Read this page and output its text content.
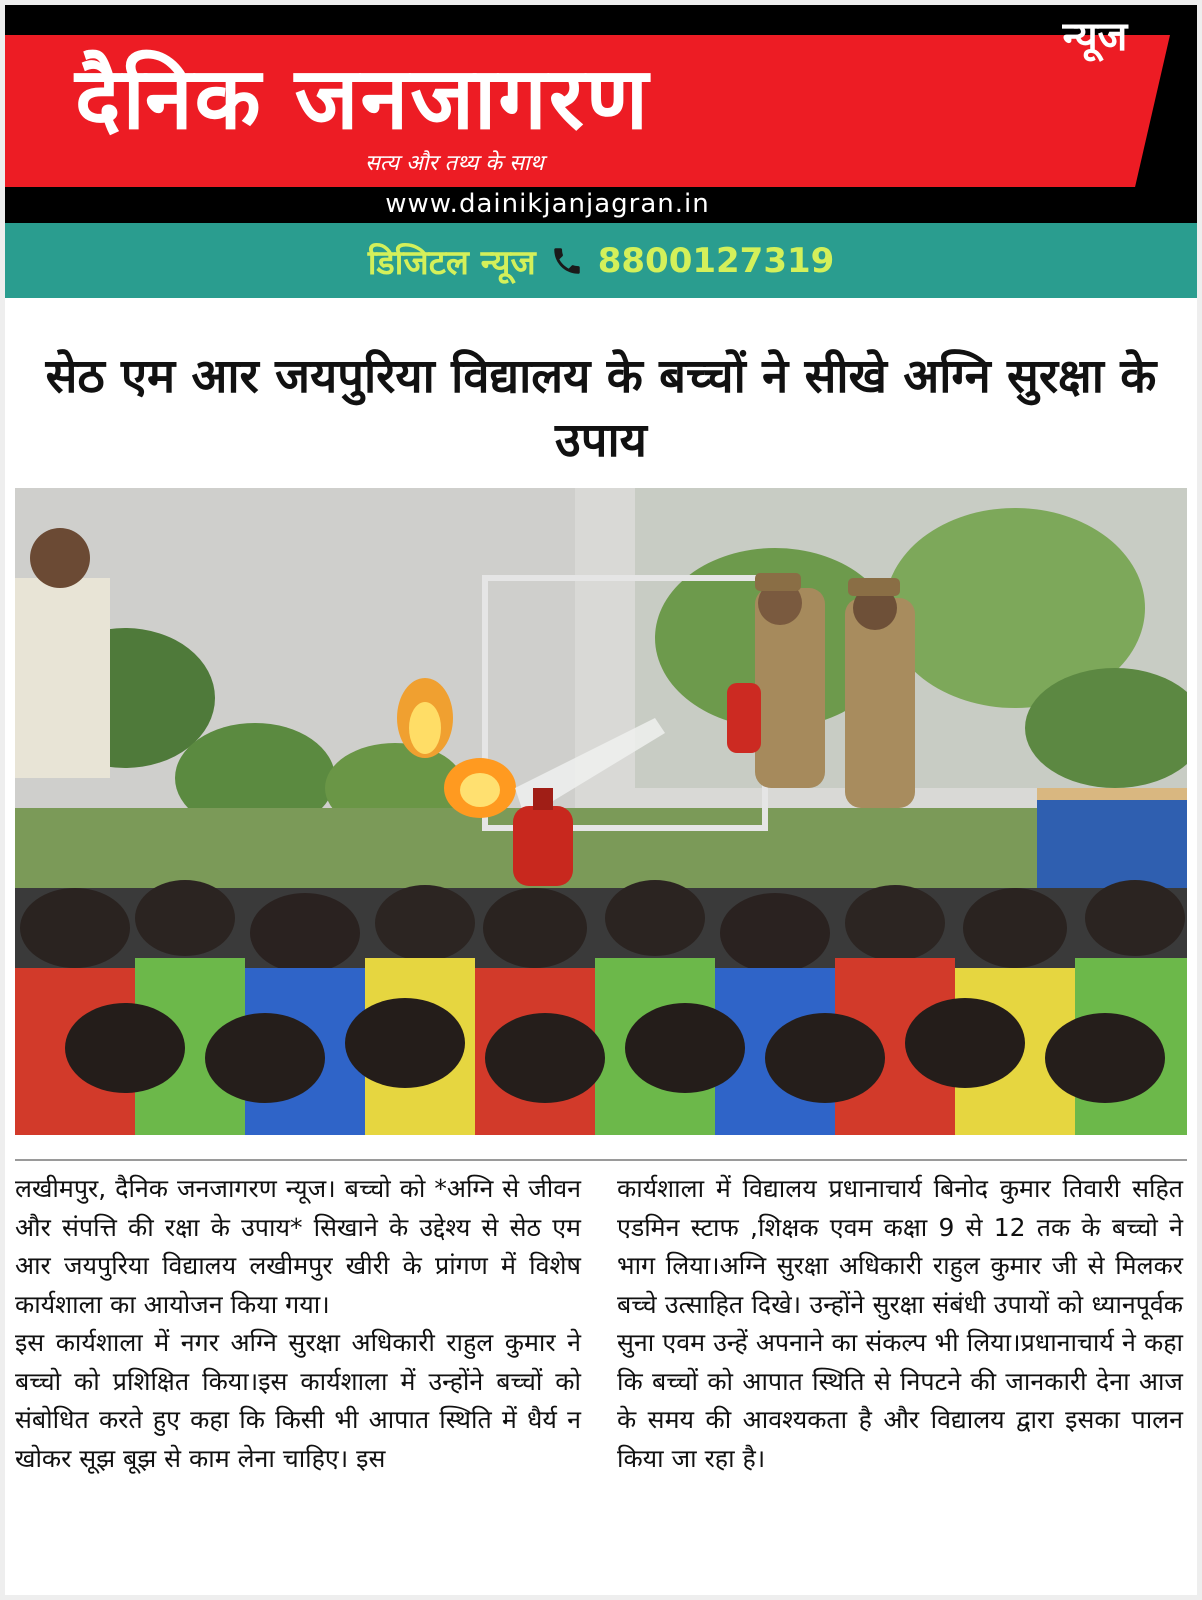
न्यूज
दैनिक जनजागरण
सत्य और तथ्य के साथ
www.dainikjanjagran.in
डिजिटल न्यूज 8800127319
सेठ एम आर जयपुरिया विद्यालय के बच्चों ने सीखे अग्नि सुरक्षा के उपाय

लखीमपुर, दैनिक जनजागरण न्यूज। बच्चो को *अग्नि से जीवन और संपत्ति की रक्षा के उपाय* सिखाने के उद्देश्य से सेठ एम आर जयपुरिया विद्यालय लखीमपुर खीरी के प्रांगण में विशेष कार्यशाला का आयोजन किया गया।

इस कार्यशाला में नगर अग्नि सुरक्षा अधिकारी राहुल कुमार ने बच्चो को प्रशिक्षित किया।इस कार्यशाला में उन्होंने बच्चों को संबोधित करते हुए कहा कि किसी भी आपात स्थिति में धैर्य न खोकर सूझ बूझ से काम लेना चाहिए। इस

कार्यशाला में विद्यालय प्रधानाचार्य बिनोद कुमार तिवारी सहित एडमिन स्टाफ ,शिक्षक एवम कक्षा 9 से 12 तक के बच्चो ने भाग लिया।अग्नि सुरक्षा अधिकारी राहुल कुमार जी से मिलकर बच्चे उत्साहित दिखे। उन्होंने सुरक्षा संबंधी उपायों को ध्यानपूर्वक सुना एवम उन्हें अपनाने का संकल्प भी लिया।प्रधानाचार्य ने कहा कि बच्चों को आपात स्थिति से निपटने की जानकारी देना आज के समय की आवश्यकता है और विद्यालय द्वारा इसका पालन किया जा रहा है।
